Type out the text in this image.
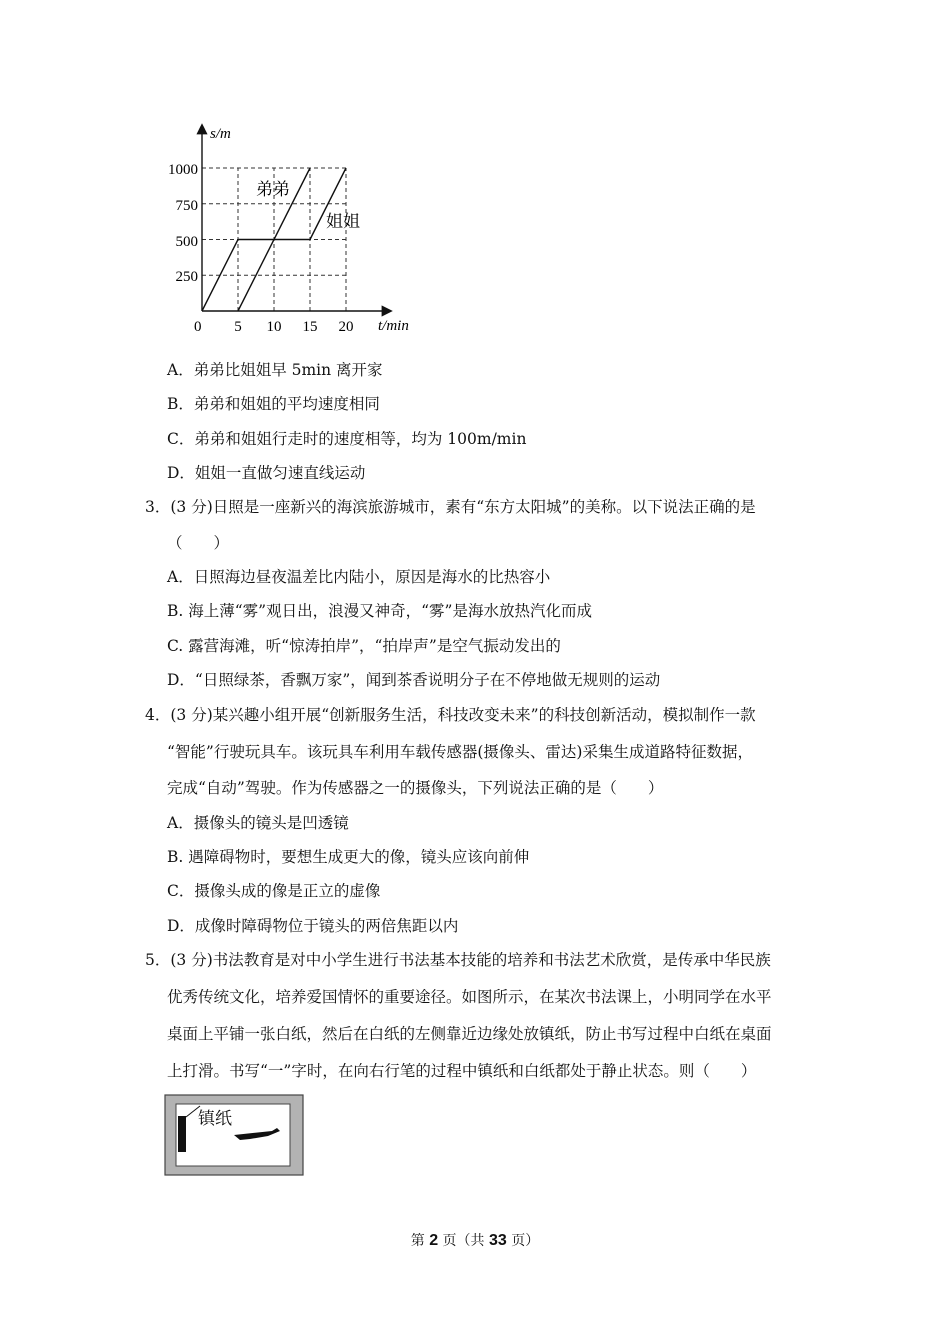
s/m
t/min
0
250
500
750
1000
5 10 15 20
弟弟
姐姐
A．弟弟比姐姐早 5min 离开家
B．弟弟和姐姐的平均速度相同
C．弟弟和姐姐行走时的速度相等，均为 100m/min
D．姐姐一直做匀速直线运动
3．(3 分)日照是一座新兴的海滨旅游城市，素有“东方太阳城”的美称。以下说法正确的是
（　　）
A．日照海边昼夜温差比内陆小，原因是海水的比热容小
B. 海上薄“雾”观日出，浪漫又神奇，“雾”是海水放热汽化而成
C. 露营海滩，听“惊涛拍岸”，“拍岸声”是空气振动发出的
D．“日照绿茶，香飘万家”，闻到茶香说明分子在不停地做无规则的运动
4．(3 分)某兴趣小组开展“创新服务生活，科技改变未来”的科技创新活动，模拟制作一款
“智能”行驶玩具车。该玩具车利用车载传感器(摄像头、雷达)采集生成道路特征数据，
完成“自动”驾驶。作为传感器之一的摄像头，下列说法正确的是（　　）
A．摄像头的镜头是凹透镜
B. 遇障碍物时，要想生成更大的像，镜头应该向前伸
C．摄像头成的像是正立的虚像
D．成像时障碍物位于镜头的两倍焦距以内
5．(3 分)书法教育是对中小学生进行书法基本技能的培养和书法艺术欣赏，是传承中华民族
优秀传统文化，培养爱国情怀的重要途径。如图所示，在某次书法课上，小明同学在水平
桌面上平铺一张白纸，然后在白纸的左侧靠近边缘处放镇纸，防止书写过程中白纸在桌面
上打滑。书写“一”字时，在向右行笔的过程中镇纸和白纸都处于静止状态。则（　　）
镇纸
第 2 页（共 33 页）
